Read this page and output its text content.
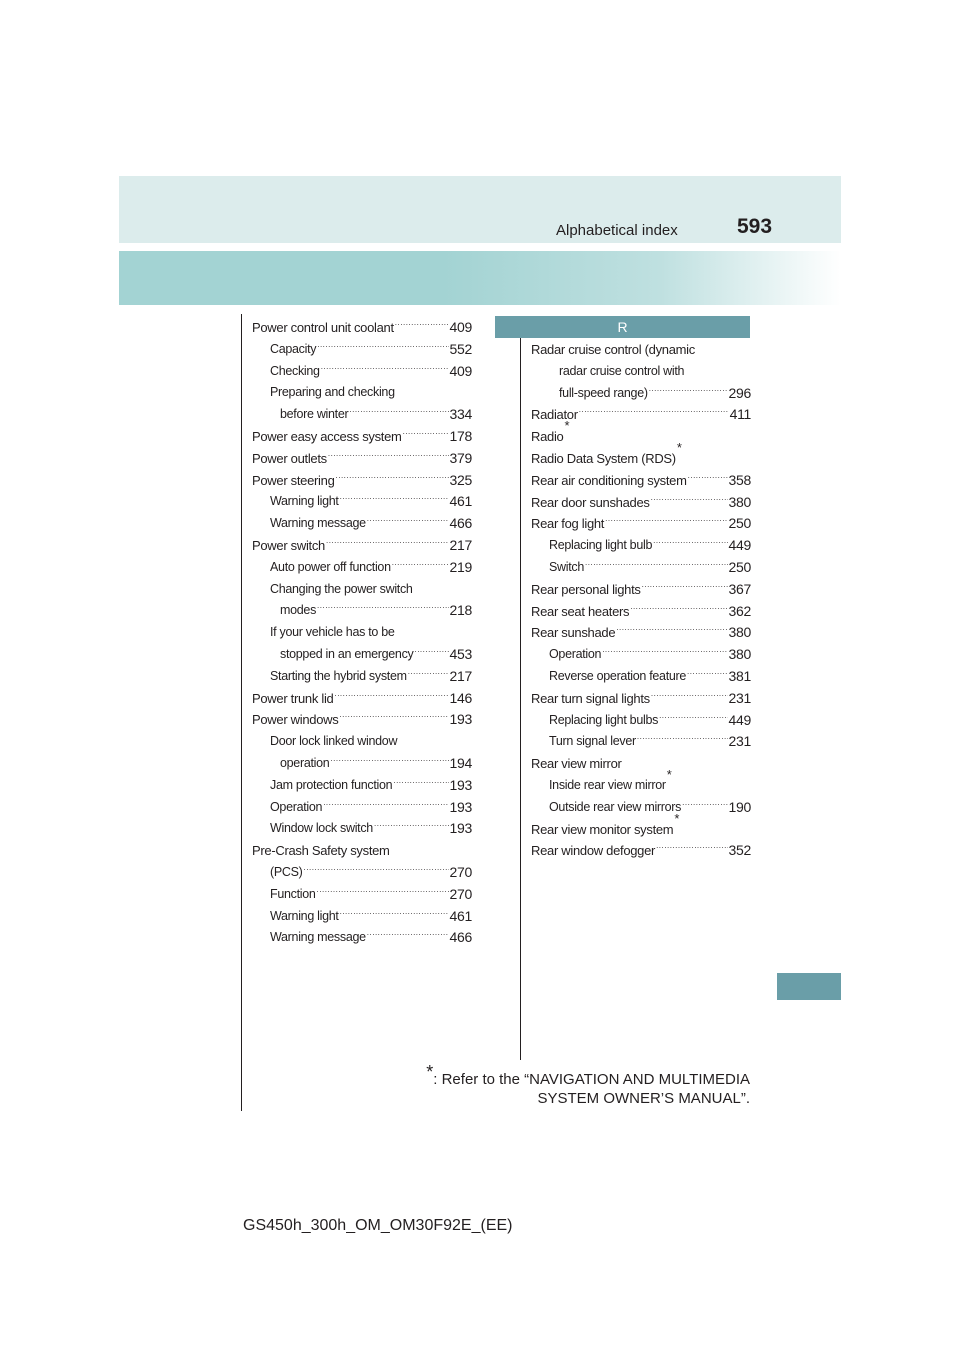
Alphabetical index	593
Power control unit coolant .....	409
Capacity .....	552
Checking .....	409
Preparing and checking
before winter .....	334
Power easy access system .....	178
Power outlets .....	379
Power steering .....	325
Warning light .....	461
Warning message .....	466
Power switch .....	217
Auto power off function .....	219
Changing the power switch
modes .....	218
If your vehicle has to be
stopped in an emergency .....	453
Starting the hybrid system .....	217
Power trunk lid .....	146
Power windows .....	193
Door lock linked window
operation .....	194
Jam protection function .....	193
Operation .....	193
Window lock switch .....	193
Pre-Crash Safety system
(PCS) .....	270
Function .....	270
Warning light .....	461
Warning message .....	466
R
Radar cruise control (dynamic
radar cruise control with
full-speed range) .....	296
Radiator .....	411
Radio
*
Radio Data System (RDS)
*
Rear air conditioning system .....	358
Rear door sunshades .....	380
Rear fog light .....	250
Replacing light bulb .....	449
Switch .....	250
Rear personal lights .....	367
Rear seat heaters .....	362
Rear sunshade .....	380
Operation .....	380
Reverse operation feature .....	381
Rear turn signal lights .....	231
Replacing light bulbs .....	449
Turn signal lever .....	231
Rear view mirror
Inside rear view mirror
*
Outside rear view mirrors .....	190
Rear view monitor system
*
Rear window defogger .....	352
*: Refer to the “NAVIGATION AND MULTIMEDIA
SYSTEM OWNER’S MANUAL”.
GS450h_300h_OM_OM30F92E_(EE)
